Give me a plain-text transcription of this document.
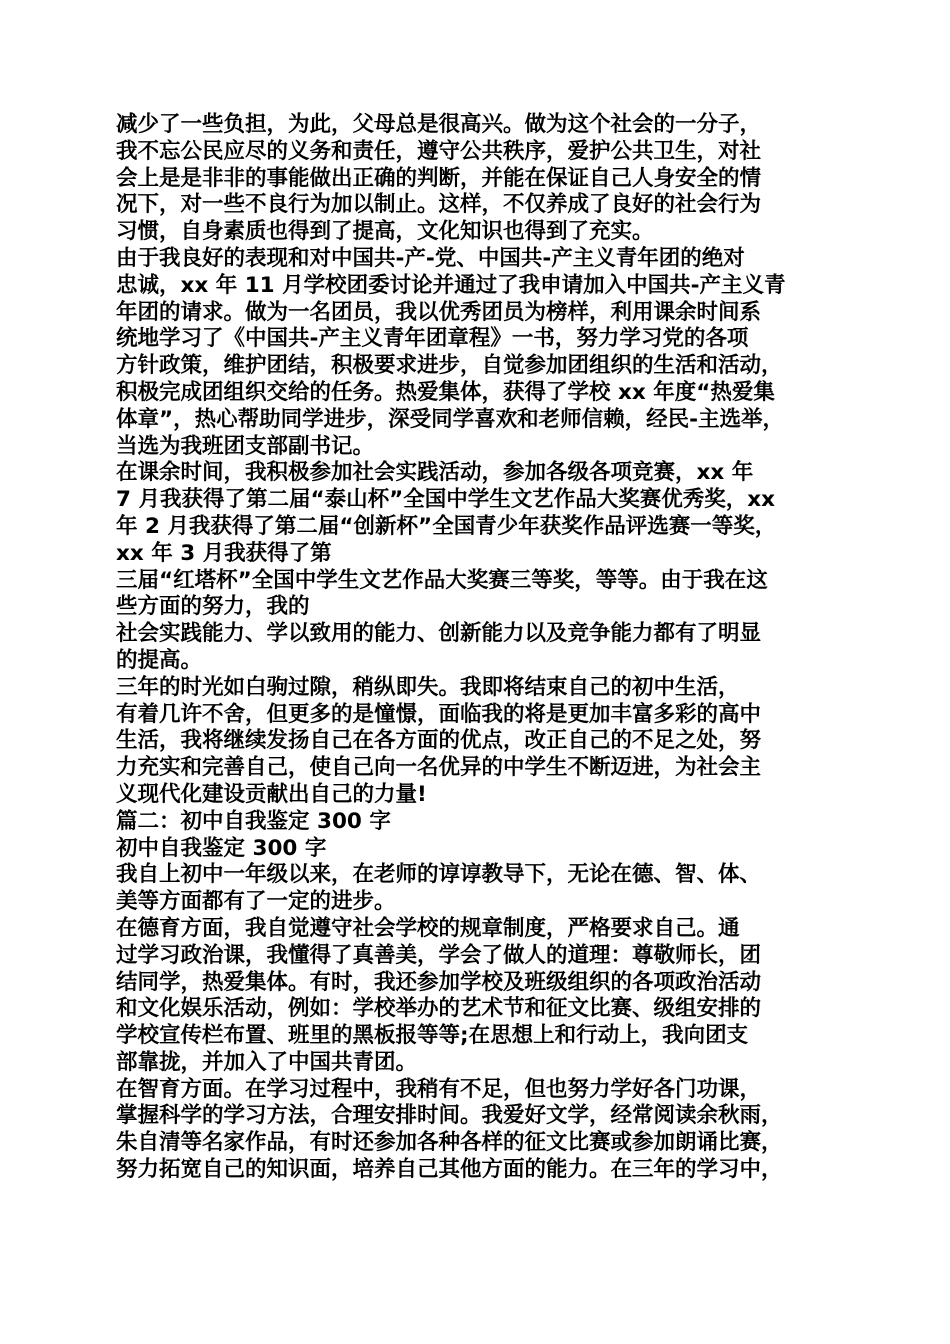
减少了一些负担，为此，父母总是很高兴。做为这个社会的一分子，
我不忘公民应尽的义务和责任，遵守公共秩序，爱护公共卫生，对社
会上是是非非的事能做出正确的判断，并能在保证自己人身安全的情
况下，对一些不良行为加以制止。这样，不仅养成了良好的社会行为
习惯，自身素质也得到了提高，文化知识也得到了充实。
由于我良好的表现和对中国共-产-党、中国共-产主义青年团的绝对
忠诚，xx 年 11 月学校团委讨论并通过了我申请加入中国共-产主义青
年团的请求。做为一名团员，我以优秀团员为榜样，利用课余时间系
统地学习了《中国共-产主义青年团章程》一书，努力学习党的各项
方针政策，维护团结，积极要求进步，自觉参加团组织的生活和活动，
积极完成团组织交给的任务。热爱集体，获得了学校 xx 年度“热爱集
体章”，热心帮助同学进步，深受同学喜欢和老师信赖，经民-主选举，
当选为我班团支部副书记。
在课余时间，我积极参加社会实践活动，参加各级各项竞赛，xx 年
7 月我获得了第二届“泰山杯”全国中学生文艺作品大奖赛优秀奖，xx
年 2 月我获得了第二届“创新杯”全国青少年获奖作品评选赛一等奖，
xx 年 3 月我获得了第
三届“红塔杯”全国中学生文艺作品大奖赛三等奖，等等。由于我在这
些方面的努力，我的
社会实践能力、学以致用的能力、创新能力以及竞争能力都有了明显
的提高。
三年的时光如白驹过隙，稍纵即失。我即将结束自己的初中生活，
有着几许不舍，但更多的是憧憬，面临我的将是更加丰富多彩的高中
生活，我将继续发扬自己在各方面的优点，改正自己的不足之处，努
力充实和完善自己，使自己向一名优异的中学生不断迈进，为社会主
义现代化建设贡献出自己的力量!
篇二：初中自我鉴定 300 字
初中自我鉴定 300 字
我自上初中一年级以来，在老师的谆谆教导下，无论在德、智、体、
美等方面都有了一定的进步。
在德育方面，我自觉遵守社会学校的规章制度，严格要求自己。通
过学习政治课，我懂得了真善美，学会了做人的道理：尊敬师长，团
结同学，热爱集体。有时，我还参加学校及班级组织的各项政治活动
和文化娱乐活动，例如：学校举办的艺术节和征文比赛、级组安排的
学校宣传栏布置、班里的黑板报等等;在思想上和行动上，我向团支
部靠拢，并加入了中国共青团。
在智育方面。在学习过程中，我稍有不足，但也努力学好各门功课，
掌握科学的学习方法，合理安排时间。我爱好文学，经常阅读余秋雨，
朱自清等名家作品，有时还参加各种各样的征文比赛或参加朗诵比赛，
努力拓宽自己的知识面，培养自己其他方面的能力。在三年的学习中，
